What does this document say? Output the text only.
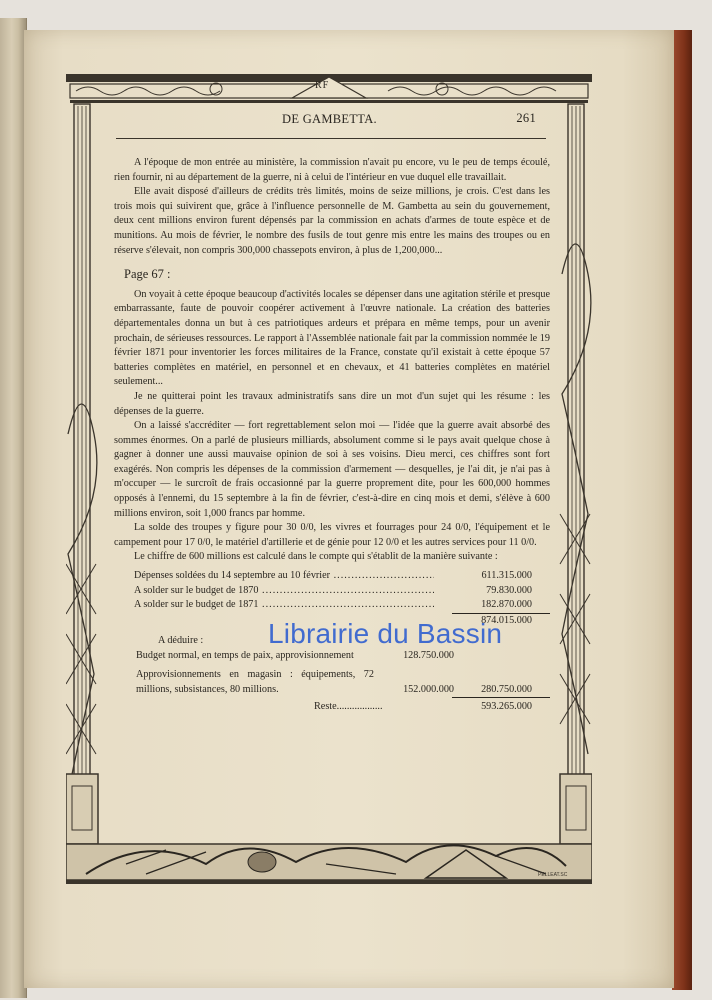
DE GAMBETTA.	261
RF

A l'époque de mon entrée au ministère, la commission n'avait pu encore, vu le peu de temps écoulé, rien fournir, ni au département de la guerre, ni à celui de l'intérieur en vue duquel elle travaillait.

Elle avait disposé d'ailleurs de crédits très limités, moins de seize millions, je crois. C'est dans les trois mois qui suivirent que, grâce à l'influence personnelle de M. Gambetta au sein du gouvernement, deux cent millions environ furent dépensés par la commission en achats d'armes de toute espèce et de munitions. Au mois de février, le nombre des fusils de tout genre mis entre les mains des troupes ou en réserve s'élevait, non compris 300,000 chassepots environ, à plus de 1,200,000...

Page 67 :

On voyait à cette époque beaucoup d'activités locales se dépenser dans une agitation stérile et presque embarrassante, faute de pouvoir coopérer activement à l'œuvre nationale. La création des batteries départementales donna un but à ces patriotiques ardeurs et prépara en même temps, pour un avenir prochain, de sérieuses ressources. Le rapport à l'Assemblée nationale fait par la commission nommée le 19 février 1871 pour inventorier les forces militaires de la France, constate qu'il existait à cette époque 57 batteries complètes en matériel, en personnel et en chevaux, et 41 batteries complètes en matériel seulement...

Je ne quitterai point les travaux administratifs sans dire un mot d'un sujet qui les résume : les dépenses de la guerre.

On a laissé s'accréditer — fort regrettablement selon moi — l'idée que la guerre avait absorbé des sommes énormes. On a parlé de plusieurs milliards, absolument comme si le pays avait quelque chose à gagner à donner une aussi mauvaise opinion de soi à ses voisins. Dieu merci, ces chiffres sont fort exagérés. Non compris les dépenses de la commission d'armement — desquelles, je l'ai dit, je n'ai pas à m'occuper — le surcroît de frais occasionné par la guerre proprement dite, pour les 600,000 hommes opposés à l'ennemi, du 15 septembre à la fin de février, c'est-à-dire en cinq mois et demi, s'élève à 600 millions environ, soit 1,000 francs par homme.

La solde des troupes y figure pour 30 0/0, les vivres et fourrages pour 24 0/0, l'équipement et le campement pour 17 0/0, le matériel d'artillerie et de génie pour 12 0/0 et les autres services pour 11 0/0.

Le chiffre de 600 millions est calculé dans le compte qui s'établit de la manière suivante :

Dépenses soldées du 14 septembre au 10 février .....	611.315.000
A solder sur le budget de 1870 .....	79.830.000
A solder sur le budget de 1871 .....	182.870.000
874.015.000
A déduire :
Budget normal, en temps de paix, approvisionnement	128.750.000
Approvisionnements en magasin : équipements, 72 millions, subsistances, 80 millions.	152.000.000	280.750.000
Reste..................	593.265.000
Librairie du Bassin
PELLEAT.SC
